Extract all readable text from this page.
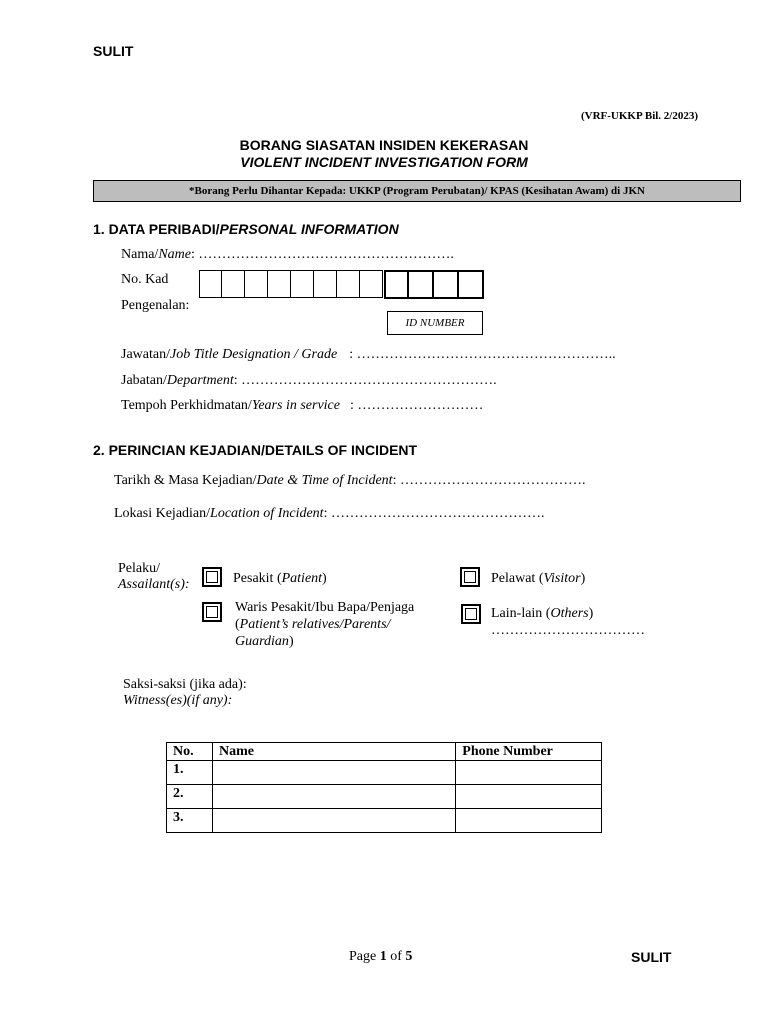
SULIT
(VRF-UKKP Bil. 2/2023)
BORANG SIASATAN INSIDEN KEKERASAN
VIOLENT INCIDENT INVESTIGATION FORM
*Borang Perlu Dihantar Kepada: UKKP (Program Perubatan)/ KPAS (Kesihatan Awam) di JKN
1. DATA PERIBADI/PERSONAL INFORMATION
Nama/Name: ……………………………………………….
No. Kad
Pengenalan:
ID NUMBER
Jawatan/Job Title Designation / Grade : ………………………………………………..
Jabatan/Department: ……………………………………………….
Tempoh Perkhidmatan/Years in service : ………………………
2. PERINCIAN KEJADIAN/DETAILS OF INCIDENT
Tarikh & Masa Kejadian/Date & Time of Incident: ………………………………….
Lokasi Kejadian/Location of Incident: ……………………………………….
Pelaku/
Assailant(s):	Pesakit (Patient)	Pelawat (Visitor)
Waris Pesakit/Ibu Bapa/Penjaga
(Patient’s relatives/Parents/
Guardian)
Lain-lain (Others)
……………………………
Saksi-saksi (jika ada):
Witness(es)(if any):
No.	Name	Phone Number
1.		
2.		
3.		
Page 1 of 5	SULIT
